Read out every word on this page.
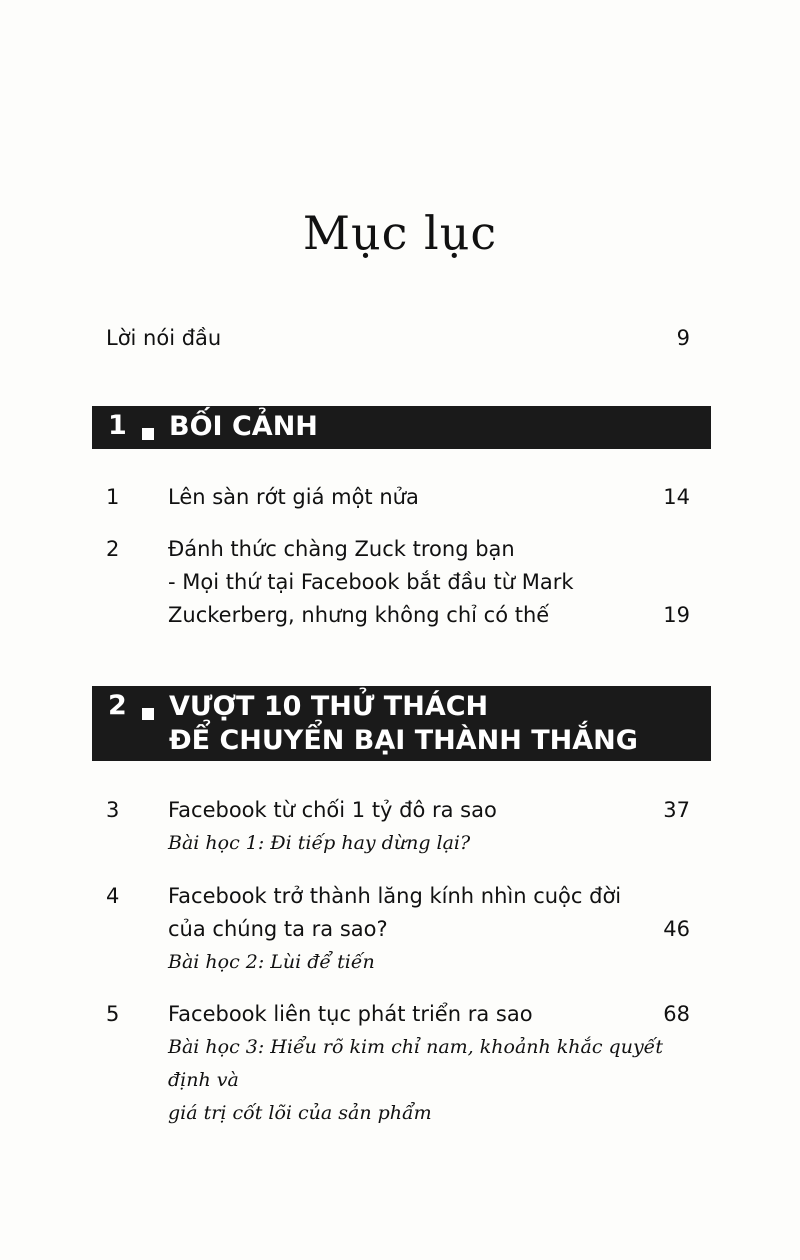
Mục lục
Lời nói đầu	9
1 BỐI CẢNH
1 Lên sàn rớt giá một nửa	14
2 Đánh thức chàng Zuck trong bạn
- Mọi thứ tại Facebook bắt đầu từ Mark
Zuckerberg, nhưng không chỉ có thế	19
2 VƯỢT 10 THỬ THÁCH
ĐỂ CHUYỂN BẠI THÀNH THẮNG
3 Facebook từ chối 1 tỷ đô ra sao	37
Bài học 1: Đi tiếp hay dừng lại?
4 Facebook trở thành lăng kính nhìn cuộc đời
của chúng ta ra sao?	46
Bài học 2: Lùi để tiến
5 Facebook liên tục phát triển ra sao	68
Bài học 3: Hiểu rõ kim chỉ nam, khoảnh khắc quyết định và
giá trị cốt lõi của sản phẩm
